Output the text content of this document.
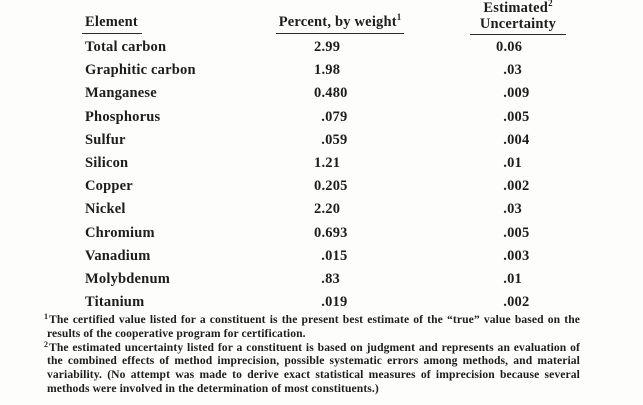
Element	Percent, by weight$^1$
Estimated$^2$
Uncertainty
Total carbon	2 . 99	0 . 06
Graphitic carbon	1 . 98	. 03
Manganese	0 . 480	. 009
Phosphorus	. 079	. 005
Sulfur	. 059	. 004
Silicon	1 . 21	. 01
Copper	0 . 205	. 002
Nickel	2 . 20	. 03
Chromium	0 . 693	. 005
Vanadium	. 015	. 003
Molybdenum	. 83	. 01
Titanium	. 019	. 002
$^1$The certified value listed for a constituent is the present best estimate of the “true” value based on the
results of the cooperative program for certification.
$^2$The estimated uncertainty listed for a constituent is based on judgment and represents an evaluation of
the combined effects of method imprecision, possible systematic errors among methods, and material
variability. (No attempt was made to derive exact statistical measures of imprecision because several
methods were involved in the determination of most constituents.)
